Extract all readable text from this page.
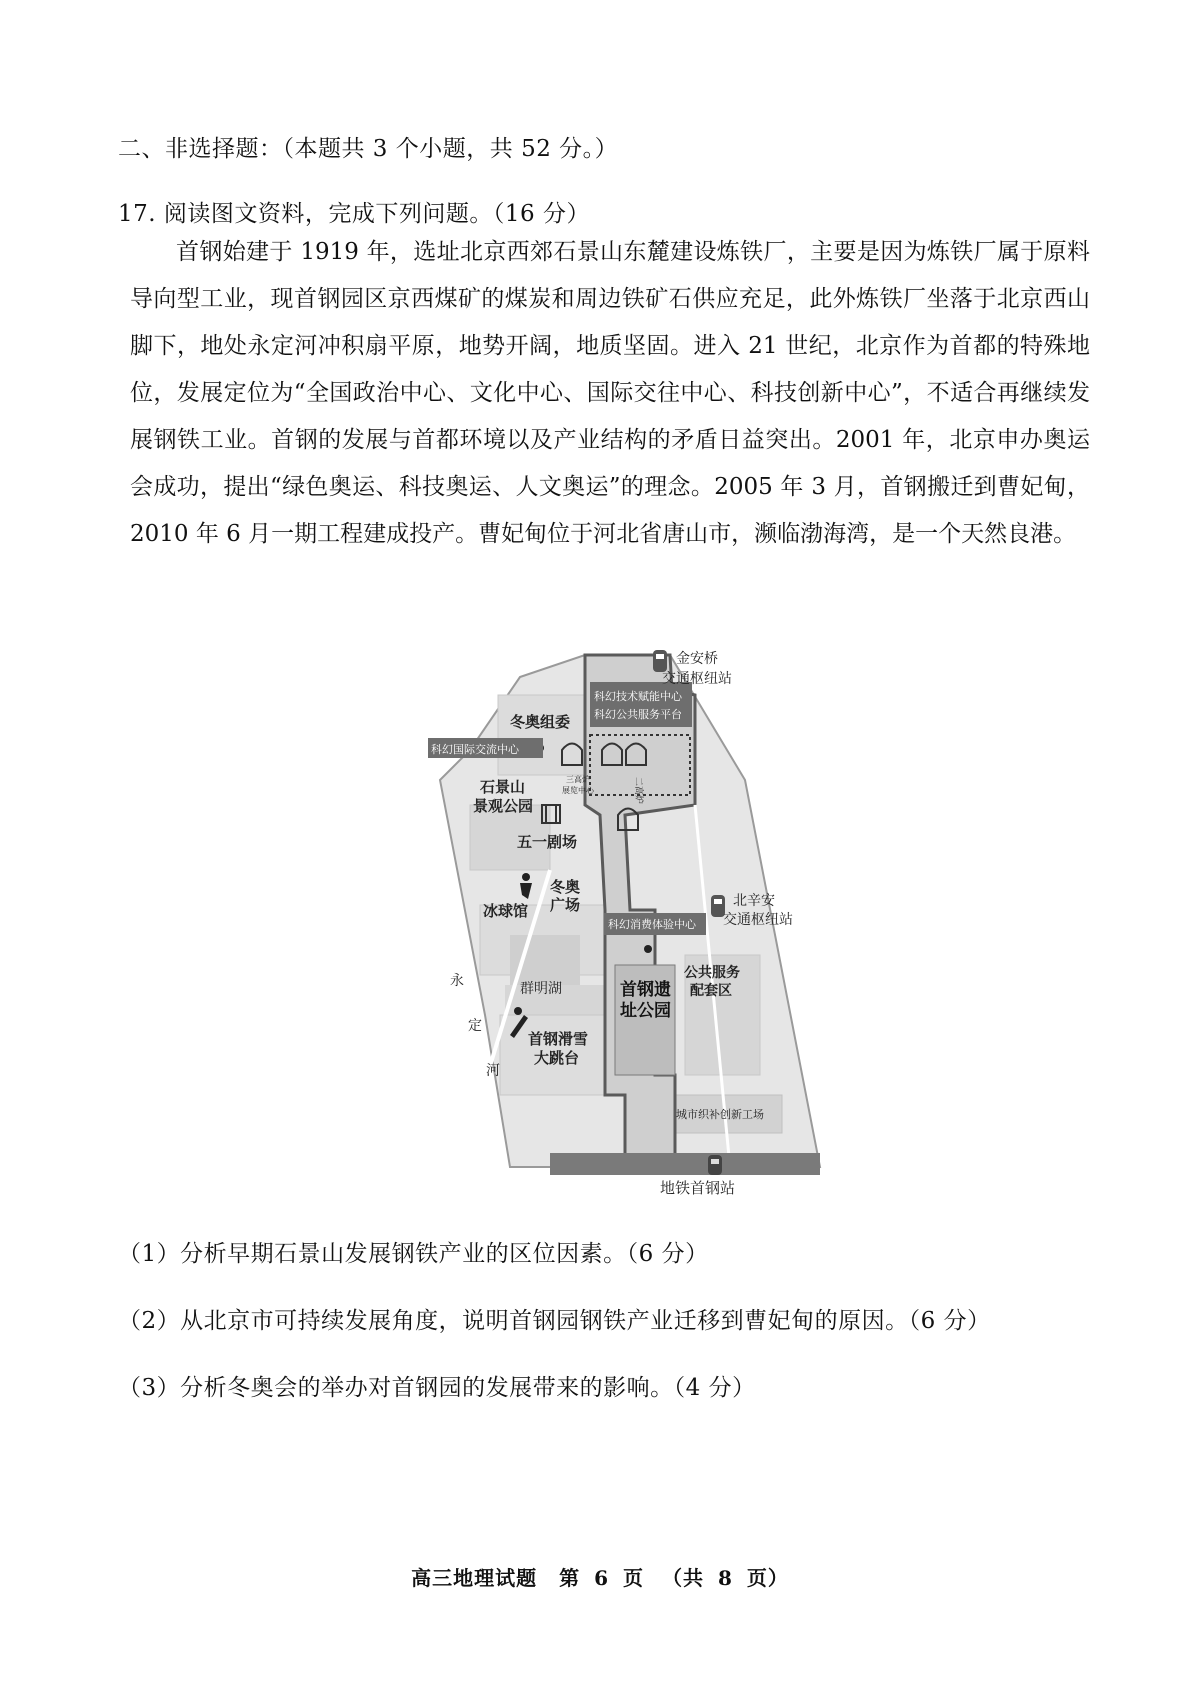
二、非选择题：（本题共 3 个小题，共 52 分。）
17. 阅读图文资料，完成下列问题。（16 分）
首钢始建于 1919 年，选址北京西郊石景山东麓建设炼铁厂，主要是因为炼铁厂属于原料导向型工业，现首钢园区京西煤矿的煤炭和周边铁矿石供应充足，此外炼铁厂坐落于北京西山脚下，地处永定河冲积扇平原，地势开阔，地质坚固。进入 21 世纪，北京作为首都的特殊地位，发展定位为“全国政治中心、文化中心、国际交往中心、科技创新中心”，不适合再继续发展钢铁工业。首钢的发展与首都环境以及产业结构的矛盾日益突出。2001 年，北京申办奥运会成功，提出“绿色奥运、科技奥运、人文奥运”的理念。2005 年 3 月，首钢搬迁到曹妃甸，2010 年 6 月一期工程建成投产。曹妃甸位于河北省唐山市，濒临渤海湾，是一个天然良港。
金安桥
交通枢纽站
科幻技术赋能中心
科幻公共服务平台
冬奥组委
科幻国际交流中心
石景山
景观公园
三高炉
展览中心	二高炉
五一剧场
冬奥
广场
冰球馆
北辛安
交通枢纽站
科幻消费体验中心
群明湖	首钢遗
址公园
公共服务
配套区
首钢滑雪
大跳台
永
定
河
城市织补创新工场
地铁首钢站
（1）分析早期石景山发展钢铁产业的区位因素。（6 分）
（2）从北京市可持续发展角度，说明首钢园钢铁产业迁移到曹妃甸的原因。（6 分）
（3）分析冬奥会的举办对首钢园的发展带来的影响。（4 分）
高三地理试题 第 6 页 （共 8 页）
